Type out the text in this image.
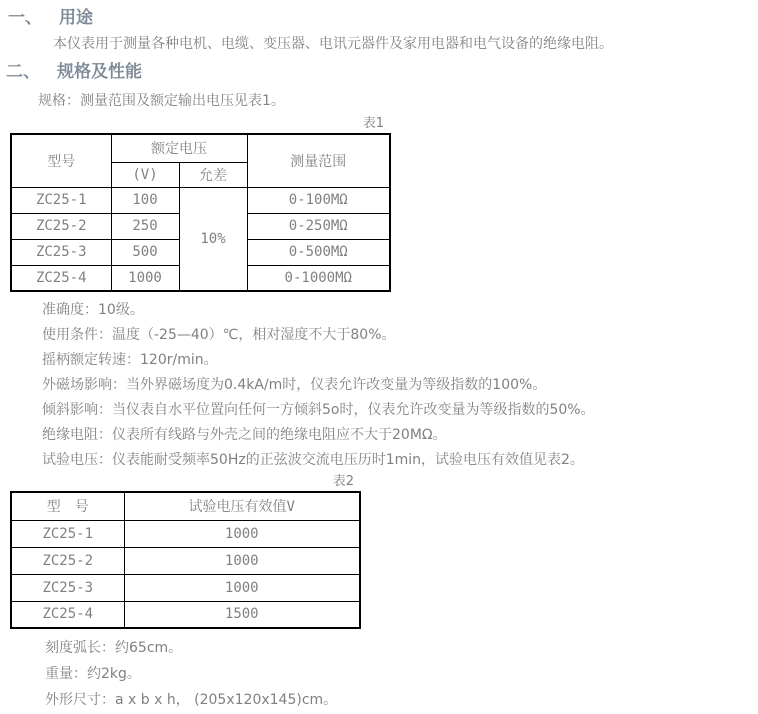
一、 用途

本仪表用于测量各种电机、电缆、变压器、电讯元器件及家用电器和电气设备的绝缘电阻。

二、 规格及性能

规格：测量范围及额定输出电压见表1。

表1
型号	额定电压		测量范围
	(V)	允差	
ZC25-1	100	10%	0-100MΩ
ZC25-2	250		0-250MΩ
ZC25-3	500		0-500MΩ
ZC25-4	1000		0-1000MΩ

准确度：10级。

使用条件：温度（-25—40）℃，相对湿度不大于80%。

摇柄额定转速：120r/min。

外磁场影响：当外界磁场度为0.4kA/m时，仪表允许改变量为等级指数的100%。

倾斜影响：当仪表自水平位置向任何一方倾斜5o时，仪表允许改变量为等级指数的50%。

绝缘电阻：仪表所有线路与外壳之间的绝缘电阻应不大于20MΩ。

试验电压：仪表能耐受频率50Hz的正弦波交流电压历时1min，试验电压有效值见表2。

表2
型　号	试验电压有效值V
ZC25-1	1000
ZC25-2	1000
ZC25-3	1000
ZC25-4	1500

刻度弧长：约65cm。

重量：约2kg。

外形尺寸：a x b x h， (205x120x145)cm。
